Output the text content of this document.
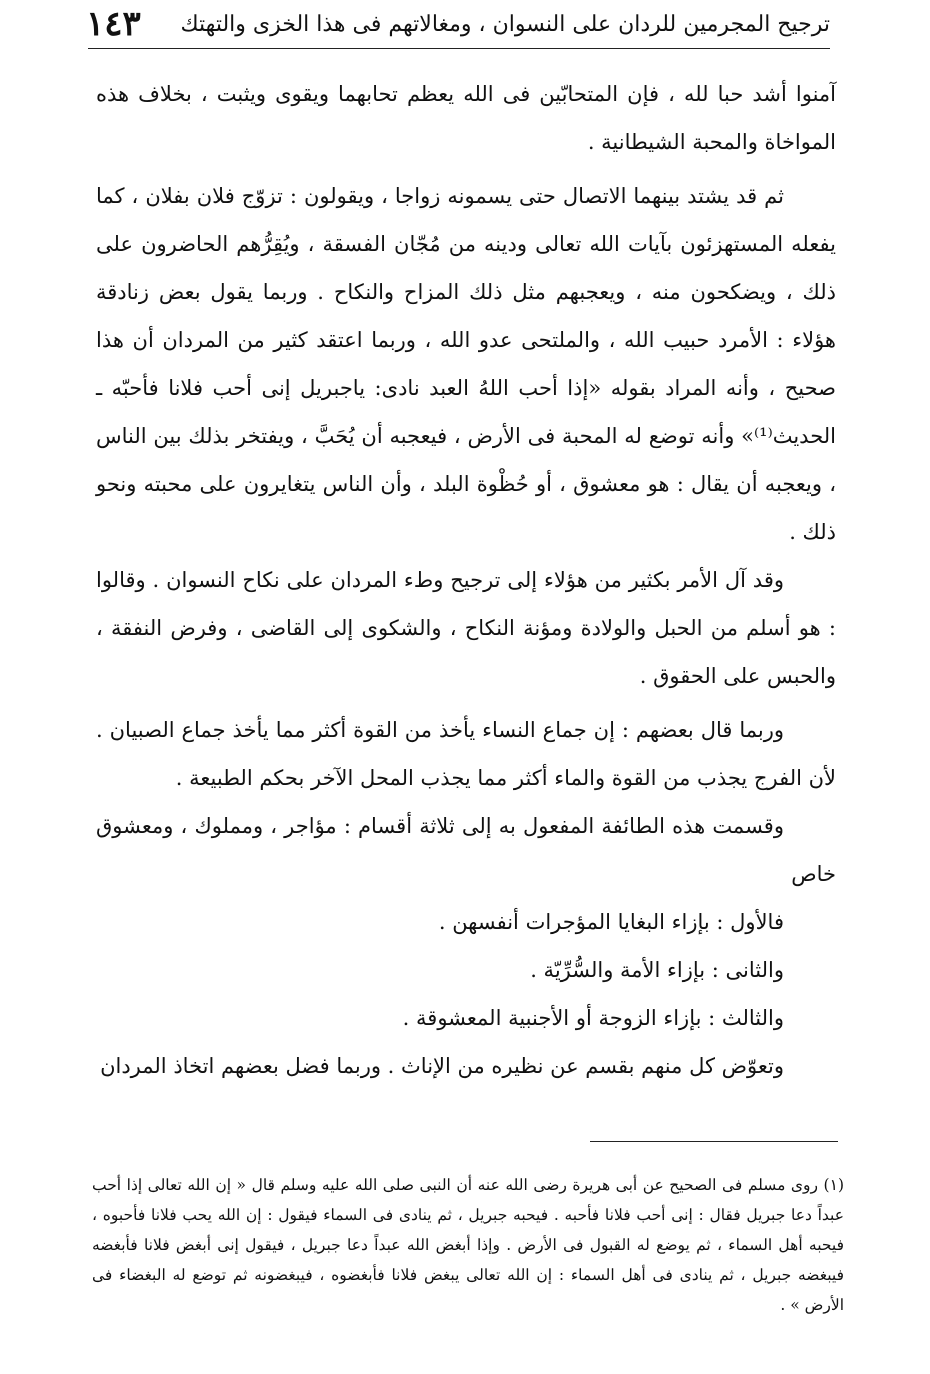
ترجيح المجرمين للردان على النسوان ، ومغالاتهم فى هذا الخزى والتهتك
١٤٣

آمنوا أشد حبا لله ، فإن المتحابّين فى الله يعظم تحابهما ويقوى ويثبت ، بخلاف هذه المواخاة والمحبة الشيطانية .

ثم قد يشتد بينهما الاتصال حتى يسمونه زواجا ، ويقولون : تزوّج فلان بفلان ، كما يفعله المستهزئون بآيات الله تعالى ودينه من مُجّان الفسقة ، ويُقِرُّهم الحاضرون على ذلك ، ويضكحون منه ، ويعجبهم مثل ذلك المزاح والنكاح . وربما يقول بعض زنادقة هؤلاء : الأمرد حبيب الله ، والملتحى عدو الله ، وربما اعتقد كثير من المردان أن هذا صحيح ، وأنه المراد بقوله «إذا أحب اللهُ العبد نادى: ياجبريل إنى أحب فلانا فأحبّه ـ الحديث⁽¹⁾» وأنه توضع له المحبة فى الأرض ، فيعجبه أن يُحَبَّ ، ويفتخر بذلك بين الناس ، ويعجبه أن يقال : هو معشوق ، أو حُظْوة البلد ، وأن الناس يتغايرون على محبته ونحو ذلك .

وقد آل الأمر بكثير من هؤلاء إلى ترجيح وطء المردان على نكاح النسوان . وقالوا : هو أسلم من الحبل والولادة ومؤنة النكاح ، والشكوى إلى القاضى ، وفرض النفقة ، والحبس على الحقوق .

وربما قال بعضهم : إن جماع النساء يأخذ من القوة أكثر مما يأخذ جماع الصبيان . لأن الفرج يجذب من القوة والماء أكثر مما يجذب المحل الآخر بحكم الطبيعة .

وقسمت هذه الطائفة المفعول به إلى ثلاثة أقسام : مؤاجر ، ومملوك ، ومعشوق خاص

فالأول : بإزاء البغايا المؤجرات أنفسهن .

والثانى : بإزاء الأمة والسُّرِّيّة .

والثالث : بإزاء الزوجة أو الأجنبية المعشوقة .

وتعوّض كل منهم بقسم عن نظيره من الإناث . وربما فضل بعضهم اتخاذ المردان

(١) روى مسلم فى الصحيح عن أبى هريرة رضى الله عنه أن النبى صلى الله عليه وسلم قال « إن الله تعالى إذا أحب عبداً دعا جبريل فقال : إنى أحب فلانا فأحبه . فيحبه جبريل ، ثم ينادى فى السماء فيقول : إن الله يحب فلانا فأحبوه ، فيحبه أهل السماء ، ثم يوضع له القبول فى الأرض . وإذا أبغض الله عبداً دعا جبريل ، فيقول إنى أبغض فلانا فأبغضه فيبغضه جبريل ، ثم ينادى فى أهل السماء : إن الله تعالى يبغض فلانا فأبغضوه ، فيبغضونه ثم توضع له البغضاء فى الأرض » .
